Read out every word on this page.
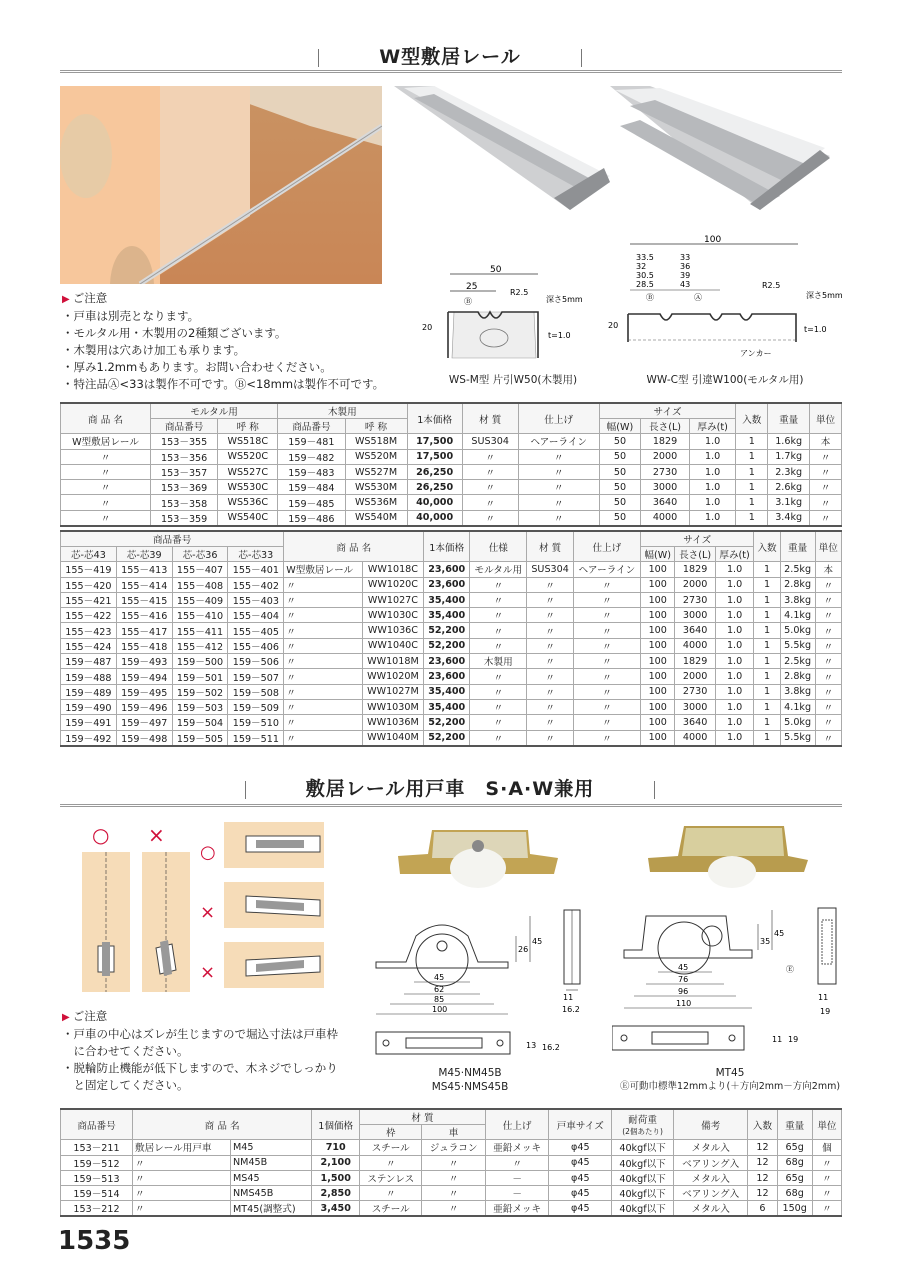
W型敷居レール
50
25
Ⓑ
R2.5
深さ5mm
20
t=1.0
WS-M型 片引W50(木製用)
100
33.5
32
30.5
28.5
33
36
39
43
Ⓑ	Ⓐ
R2.5
深さ5mm
20	t=1.0
アンカー
WW-C型 引違W100(モルタル用)
▶ ご注意
・戸車は別売となります。
・モルタル用・木製用の2種類ございます。
・木製用は穴あけ加工も承ります。
・厚み1.2mmもあります。お問い合わせください。
・特注品Ⓐ<33は製作不可です。Ⓑ<18mmは製作不可です。
商 品 名	モルタル用		木製用		1本価格	材 質	仕上げ	サイズ			入数	重量	単位
	商品番号	呼 称	商品番号	呼 称				幅(W)	長さ(L)	厚み(t)			
W型敷居レール	153－355	WS518C	159－481	WS518M	17,500	SUS304	ヘアーライン	50	1829	1.0	1	1.6kg	本
〃	153－356	WS520C	159－482	WS520M	17,500	〃	〃	50	2000	1.0	1	1.7kg	〃
〃	153－357	WS527C	159－483	WS527M	26,250	〃	〃	50	2730	1.0	1	2.3kg	〃
〃	153－369	WS530C	159－484	WS530M	26,250	〃	〃	50	3000	1.0	1	2.6kg	〃
〃	153－358	WS536C	159－485	WS536M	40,000	〃	〃	50	3640	1.0	1	3.1kg	〃
〃	153－359	WS540C	159－486	WS540M	40,000	〃	〃	50	4000	1.0	1	3.4kg	〃
商品番号				商 品 名		1本価格	仕様	材 質	仕上げ	サイズ			入数	重量	単位
芯-芯43	芯-芯39	芯-芯36	芯-芯33							幅(W)	長さ(L)	厚み(t)			
155－419	155－413	155－407	155－401	W型敷居レール	WW1018C	23,600	モルタル用	SUS304	ヘアーライン	100	1829	1.0	1	2.5kg	本
155－420	155－414	155－408	155－402	〃	WW1020C	23,600	〃	〃	〃	100	2000	1.0	1	2.8kg	〃
155－421	155－415	155－409	155－403	〃	WW1027C	35,400	〃	〃	〃	100	2730	1.0	1	3.8kg	〃
155－422	155－416	155－410	155－404	〃	WW1030C	35,400	〃	〃	〃	100	3000	1.0	1	4.1kg	〃
155－423	155－417	155－411	155－405	〃	WW1036C	52,200	〃	〃	〃	100	3640	1.0	1	5.0kg	〃
155－424	155－418	155－412	155－406	〃	WW1040C	52,200	〃	〃	〃	100	4000	1.0	1	5.5kg	〃
159－487	159－493	159－500	159－506	〃	WW1018M	23,600	木製用	〃	〃	100	1829	1.0	1	2.5kg	〃
159－488	159－494	159－501	159－507	〃	WW1020M	23,600	〃	〃	〃	100	2000	1.0	1	2.8kg	〃
159－489	159－495	159－502	159－508	〃	WW1027M	35,400	〃	〃	〃	100	2730	1.0	1	3.8kg	〃
159－490	159－496	159－503	159－509	〃	WW1030M	35,400	〃	〃	〃	100	3000	1.0	1	4.1kg	〃
159－491	159－497	159－504	159－510	〃	WW1036M	52,200	〃	〃	〃	100	3640	1.0	1	5.0kg	〃
159－492	159－498	159－505	159－511	〃	WW1040M	52,200	〃	〃	〃	100	4000	1.0	1	5.5kg	〃
敷居レール用戸車　S·A·W兼用
○ ×
○
×
×
▶ ご注意
・戸車の中心はズレが生じますので堀込寸法は戸車枠
　に合わせてください。
・脱輪防止機能が低下しますので、木ネジでしっかり
　と固定してください。
45
62
85
100
26
45
11
16.2
13 16.2
M45·NM45B
MS45·NMS45B
45
76
96
110
35
45
Ⓔ
11
19
11 19
MT45
Ⓔ可動巾標準12mmより(＋方向2mm－方向2mm)
商品番号	商 品 名		1個価格	材 質		仕上げ	戸車サイズ	耐荷重
(2個あたり)	備考	入数	重量	単位
				枠	車							
153－211	敷居レール用戸車	M45	710	スチール	ジュラコン	亜鉛メッキ	φ45	40kgf以下	メタル入	12	65g	個
159－512	〃	NM45B	2,100	〃	〃	〃	φ45	40kgf以下	ベアリング入	12	68g	〃
159－513	〃	MS45	1,500	ステンレス	〃	－	φ45	40kgf以下	メタル入	12	65g	〃
159－514	〃	NMS45B	2,850	〃	〃	－	φ45	40kgf以下	ベアリング入	12	68g	〃
153－212	〃	MT45(調整式)	3,450	スチール	〃	亜鉛メッキ	φ45	40kgf以下	メタル入	6	150g	〃
1535
